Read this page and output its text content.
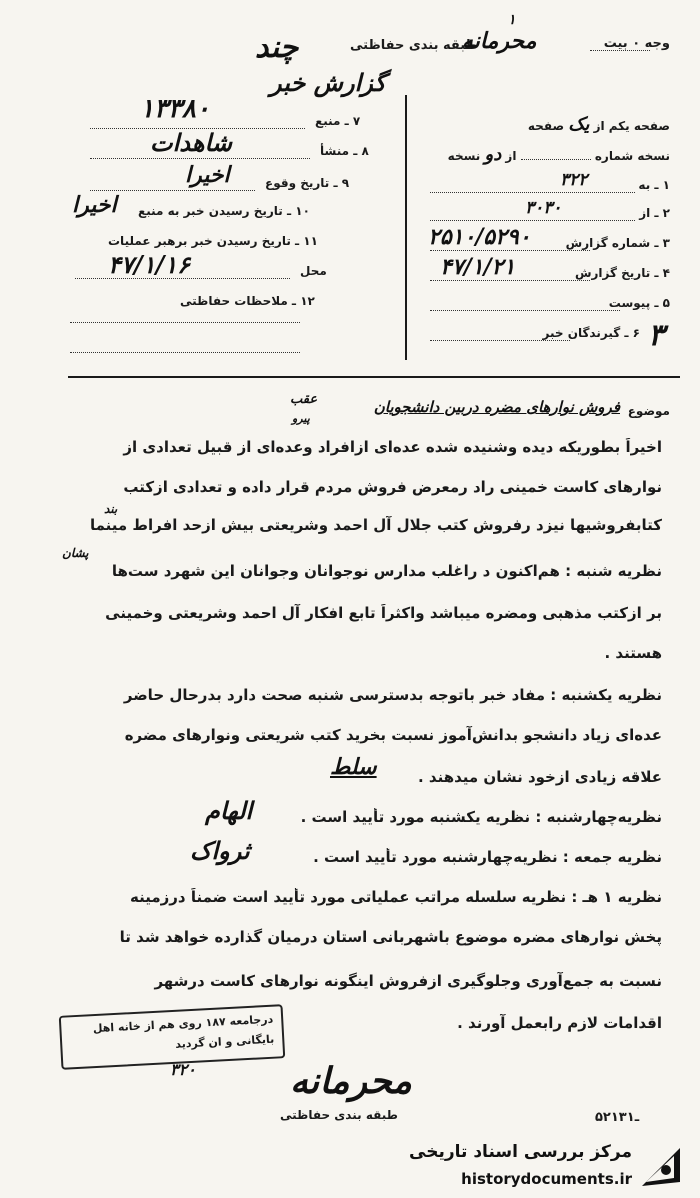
۱
وجه ۰ بیت
طبقه بندی حفاظتی
محرمانه
چند
گزارش خبر
صفحه یکم از یک صفحه
نسخه شماره  از دو نسخه
۱ ـ به
۳۲۲
۲ ـ از
۳۰۳۰
۳ ـ شماره گزارش
۲۵۱۰/۵۲۹۰
۴ ـ تاریخ گزارش
۴۷/۱/۲۱
۵ ـ پیوست
۶ ـ گیرندگان خبر ۳
۷ ـ منبع
۱۳۳۸۰
۸ ـ منشأ
شاهدات
۹ ـ تاریخ وقوع
اخیرا
۱۰ ـ تاریخ رسیدن خبر به منبع
اخیرا
۱۱ ـ تاریخ رسیدن خبر برهبر عملیات
محل
۴۷/۱/۱۶
۱۲ ـ ملاحظات حفاظتی
موضوع
عقب
پیرو
فروش نوارهای مضره دربین دانشجویان
اخیراً بطوریکه دیده وشنیده شده عده‌ای ازافراد وعده‌ای از قبیل تعدادی از
نوارهای کاست خمینی راد رمعرض فروش مردم قرار داده و تعدادی ازکتب
بند
کتابفروشیها نیزد رفروش کتب جلال آل احمد وشریعتی بیش ازحد افراط مینما
پشان
نظریه شنبه : هم‌اکنون د راغلب مدارس نوجوانان وجوانان این شهرد ست‌ها
بر ازکتب مذهبی ومضره میباشد واکثراً تابع افکار آل احمد وشریعتی وخمینی
هستند .
نظریه یکشنبه : مفاد خبر باتوجه بدسترسی شنبه صحت دارد بدرحال حاضر
عده‌ای زیاد دانشجو بدانش‌آموز نسبت بخرید کتب شریعتی ونوارهای مضره
علاقه زیادی ازخود نشان میدهند .
سلط
نظریه‌چهارشنبه : نظریه یکشنبه مورد تأیید است .
الهام
نظریه جمعه : نظریه‌چهارشنبه مورد تأیید است .
ثرواک
نظریه ۱ هـ : نظریه سلسله مراتب عملیاتی مورد تأیید است ضمناً درزمینه
پخش نوارهای مضره موضوع باشهربانی استان درمیان گذارده خواهد شد تا
نسبت به جمع‌آوری وجلوگیری ازفروش اینگونه نوارهای کاست درشهر
اقدامات لازم رابعمل آورند .
درجامعه ۱۸۷ روی هم از خانه اهل
بایگانی و ان گردید
۳۲۰	محرمانه
طبقه بندی حفاظتی	۵۲ـ۱۳۱
مرکز بررسی اسناد تاریخی
historydocuments.ir
